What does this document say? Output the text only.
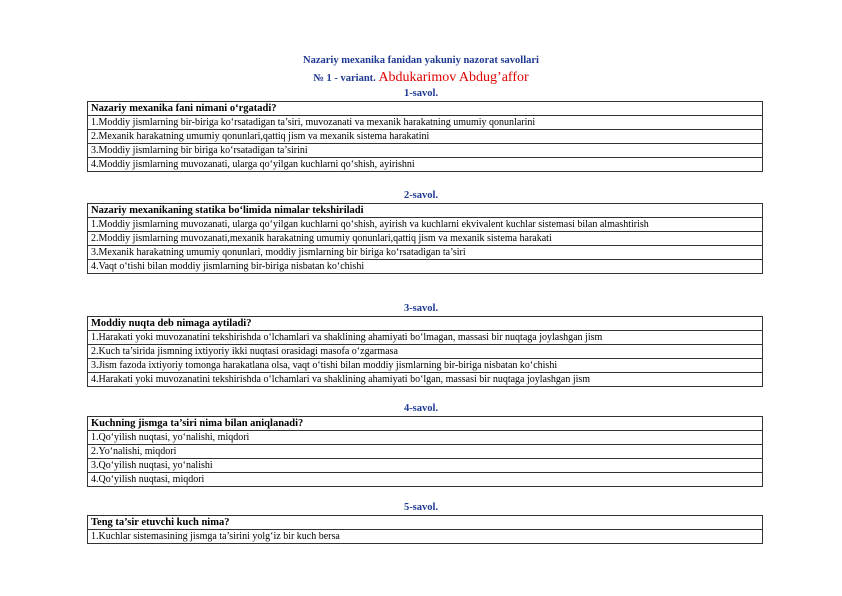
Nazariy mexanika fanidan yakuniy nazorat savollari
№ 1 - variant. Abdukarimov Abdug’affor
1-savol.
Nazariy mexanika fani nimani o‘rgatadi?
1.Moddiy jismlarning bir-biriga ko‘rsatadigan ta’siri, muvozanati va mexanik harakatning umumiy qonunlarini
2.Mexanik harakatning umumiy qonunlari,qattiq jism va mexanik sistema harakatini
3.Moddiy jismlarning bir biriga ko‘rsatadigan ta’sirini
4.Moddiy jismlarning muvozanati, ularga qo‘yilgan kuchlarni qo‘shish, ayirishni
2-savol.
Nazariy mexanikaning statika bo‘limida nimalar tekshiriladi
1.Moddiy jismlarning muvozanati, ularga qo‘yilgan kuchlarni qo‘shish, ayirish va kuchlarni ekvivalent kuchlar sistemasi bilan almashtirish
2.Moddiy jismlarning muvozanati,mexanik harakatning umumiy qonunlari,qattiq jism va mexanik sistema harakati
3.Mexanik harakatning umumiy qonunlari, moddiy jismlarning bir biriga ko‘rsatadigan ta’siri
4.Vaqt o‘tishi bilan moddiy jismlarning bir-biriga nisbatan ko‘chishi
3-savol.
Moddiy nuqta deb nimaga aytiladi?
1.Harakati yoki muvozanatini tekshirishda o‘lchamlari va shaklining ahamiyati bo‘lmagan, massasi bir nuqtaga joylashgan jism
2.Kuch ta’sirida jismning ixtiyoriy ikki nuqtasi orasidagi masofa o‘zgarmasa
3.Jism fazoda ixtiyoriy tomonga harakatlana olsa, vaqt o‘tishi bilan moddiy jismlarning bir-biriga nisbatan ko‘chishi
4.Harakati yoki muvozanatini tekshirishda o‘lchamlari va shaklining ahamiyati bo‘lgan, massasi bir nuqtaga joylashgan jism
4-savol.
Kuchning jismga ta’siri nima bilan aniqlanadi?
1.Qo‘yilish nuqtasi, yo‘nalishi, miqdori
2.Yo‘nalishi, miqdori
3.Qo‘yilish nuqtasi, yo‘nalishi
4.Qo‘yilish nuqtasi, miqdori
5-savol.
Teng ta’sir etuvchi kuch nima?
1.Kuchlar sistemasining jismga ta’sirini yolg‘iz bir kuch bersa
